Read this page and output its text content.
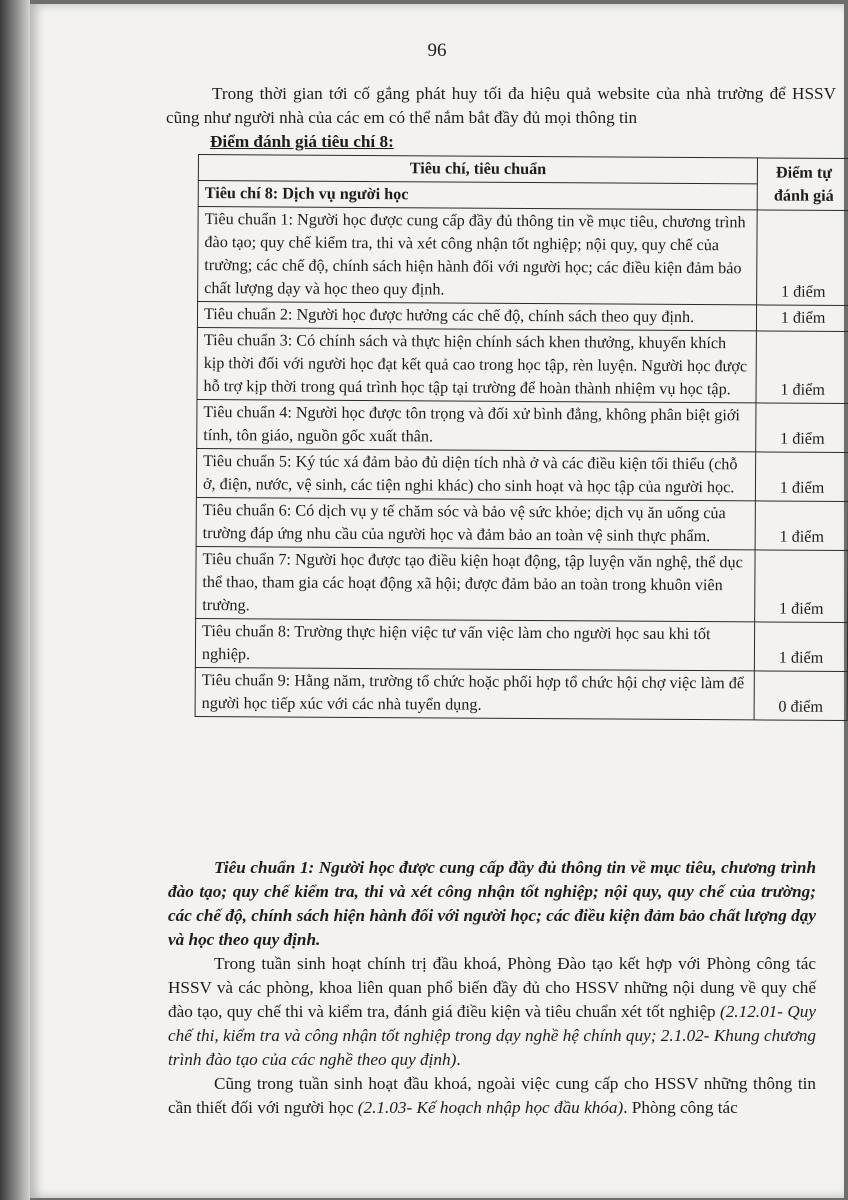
96

Trong thời gian tới cố gắng phát huy tối đa hiệu quả website của nhà trường để HSSV cũng như người nhà của các em có thể nắm bắt đầy đủ mọi thông tin

Điểm đánh giá tiêu chí 8:
Tiêu chí, tiêu chuẩn	Điểm tự đánh giá
Tiêu chí 8: Dịch vụ người học	
Tiêu chuẩn 1: Người học được cung cấp đầy đủ thông tin về mục tiêu, chương trình đào tạo; quy chế kiểm tra, thi và xét công nhận tốt nghiệp; nội quy, quy chế của trường; các chế độ, chính sách hiện hành đối với người học; các điều kiện đảm bảo chất lượng dạy và học theo quy định.	1 điểm
Tiêu chuẩn 2: Người học được hưởng các chế độ, chính sách theo quy định.	1 điểm
Tiêu chuẩn 3: Có chính sách và thực hiện chính sách khen thưởng, khuyến khích kịp thời đối với người học đạt kết quả cao trong học tập, rèn luyện. Người học được hỗ trợ kịp thời trong quá trình học tập tại trường để hoàn thành nhiệm vụ học tập.	1 điểm
Tiêu chuẩn 4: Người học được tôn trọng và đối xử bình đẳng, không phân biệt giới tính, tôn giáo, nguồn gốc xuất thân.	1 điểm
Tiêu chuẩn 5: Ký túc xá đảm bảo đủ diện tích nhà ở và các điều kiện tối thiểu (chỗ ở, điện, nước, vệ sinh, các tiện nghi khác) cho sinh hoạt và học tập của người học.	1 điểm
Tiêu chuẩn 6: Có dịch vụ y tế chăm sóc và bảo vệ sức khỏe; dịch vụ ăn uống của trường đáp ứng nhu cầu của người học và đảm bảo an toàn vệ sinh thực phẩm.	1 điểm
Tiêu chuẩn 7: Người học được tạo điều kiện hoạt động, tập luyện văn nghệ, thể dục thể thao, tham gia các hoạt động xã hội; được đảm bảo an toàn trong khuôn viên trường.	1 điểm
Tiêu chuẩn 8: Trường thực hiện việc tư vấn việc làm cho người học sau khi tốt nghiệp.	1 điểm
Tiêu chuẩn 9: Hằng năm, trường tổ chức hoặc phối hợp tổ chức hội chợ việc làm để người học tiếp xúc với các nhà tuyển dụng.	0 điểm

Tiêu chuẩn 1: Người học được cung cấp đầy đủ thông tin về mục tiêu, chương trình đào tạo; quy chế kiểm tra, thi và xét công nhận tốt nghiệp; nội quy, quy chế của trường; các chế độ, chính sách hiện hành đối với người học; các điều kiện đảm bảo chất lượng dạy và học theo quy định.

Trong tuần sinh hoạt chính trị đầu khoá, Phòng Đào tạo kết hợp với Phòng công tác HSSV và các phòng, khoa liên quan phổ biến đầy đủ cho HSSV những nội dung về quy chế đào tạo, quy chế thi và kiểm tra, đánh giá điều kiện và tiêu chuẩn xét tốt nghiệp (2.12.01- Quy chế thi, kiểm tra và công nhận tốt nghiệp trong dạy nghề hệ chính quy; 2.1.02- Khung chương trình đào tạo của các nghề theo quy định).

Cũng trong tuần sinh hoạt đầu khoá, ngoài việc cung cấp cho HSSV những thông tin cần thiết đối với người học (2.1.03- Kế hoạch nhập học đầu khóa). Phòng công tác
